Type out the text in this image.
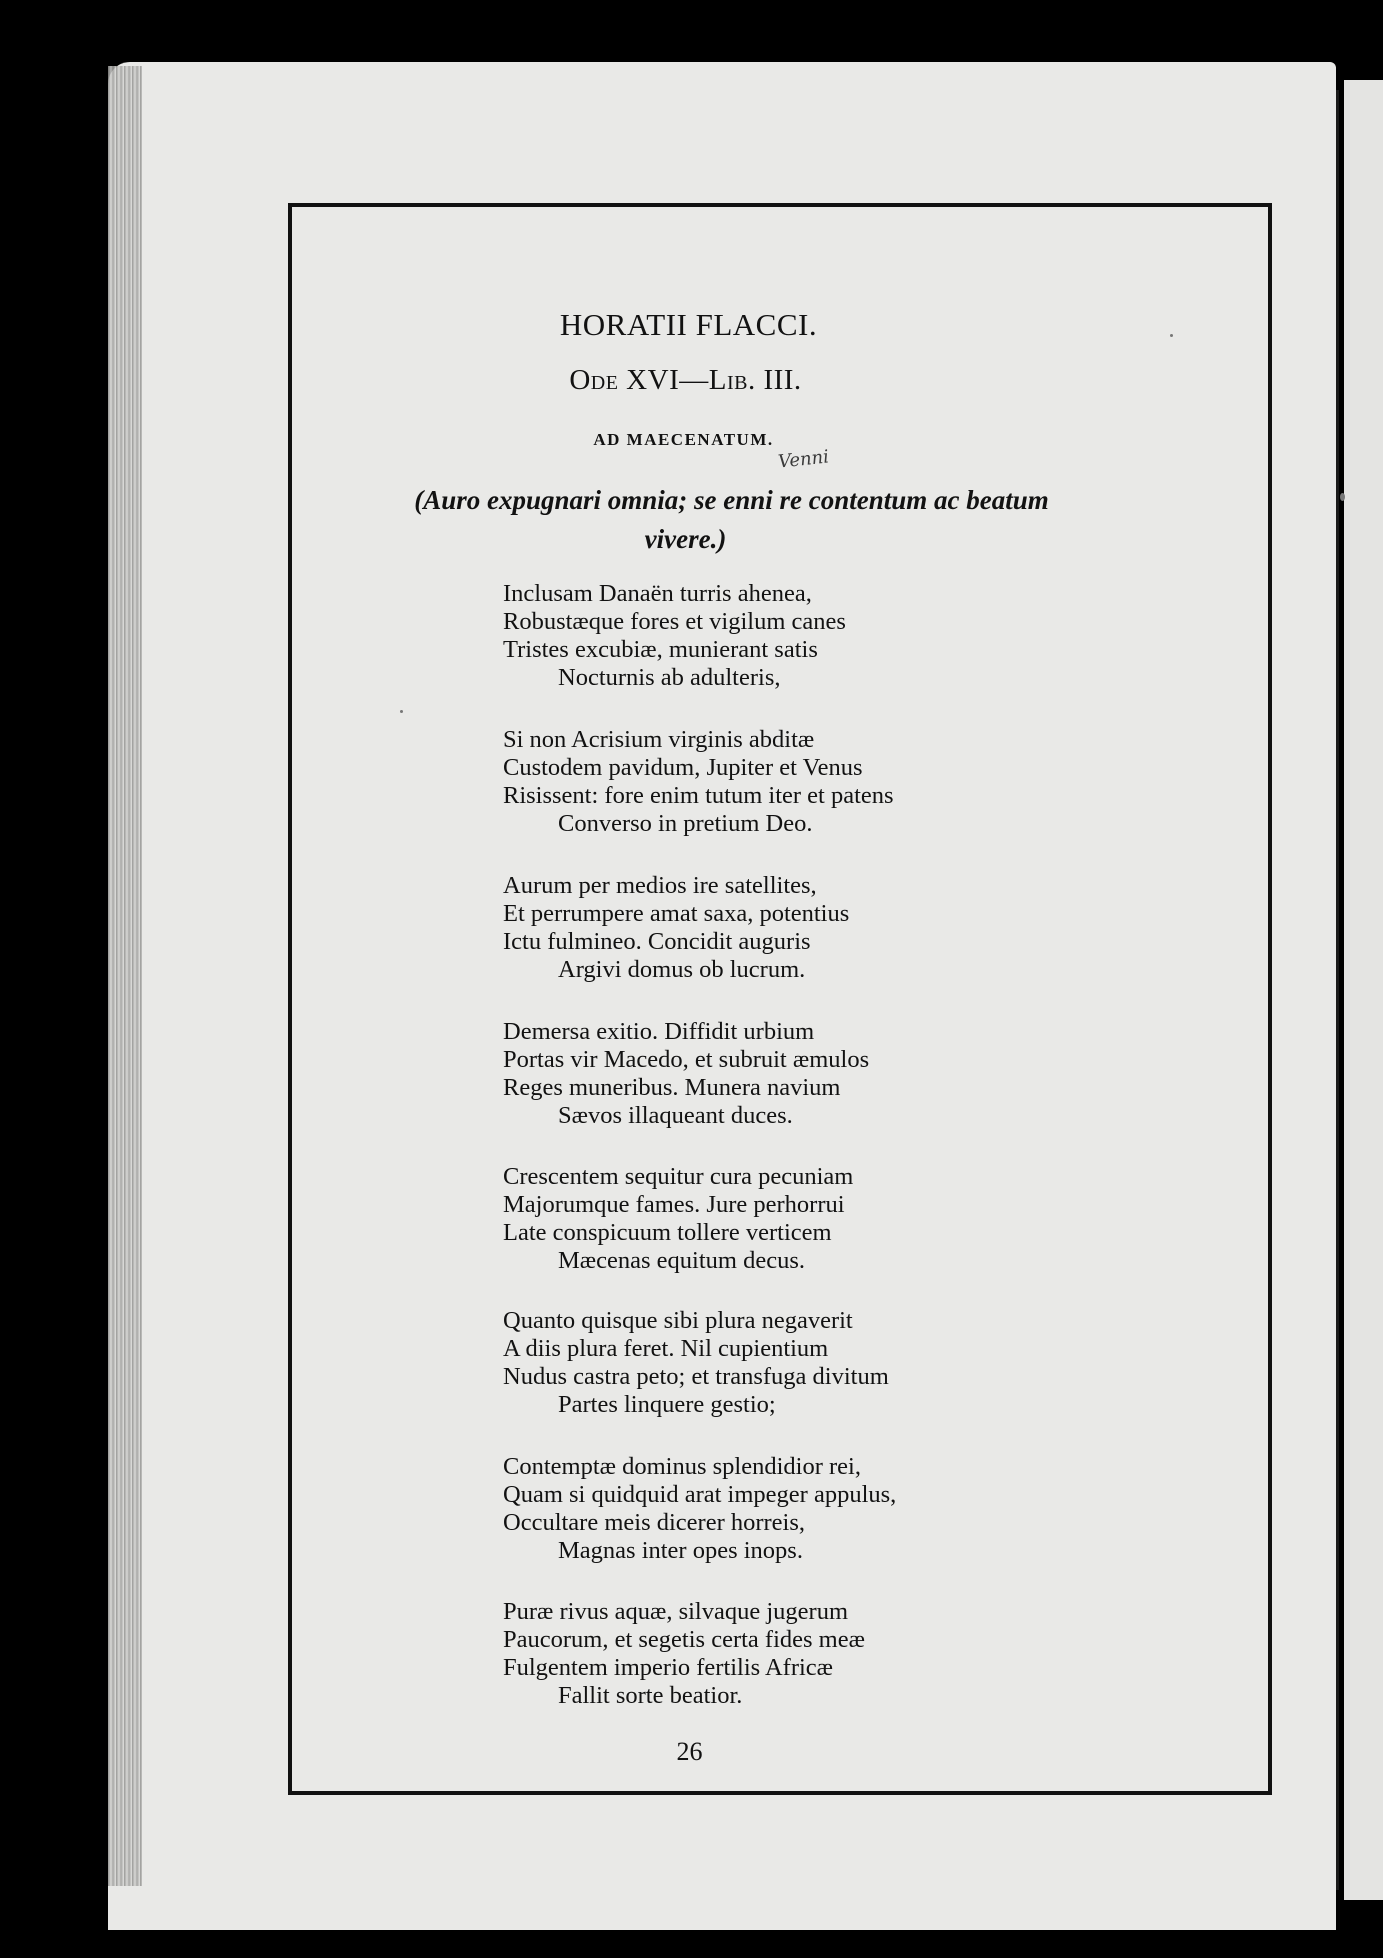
HORATII FLACCI.

Ode XVI—Lib. III.

AD MAECENATUM.

Venni

(Auro expugnari omnia; se enni re contentum ac beatum

vivere.)

Inclusam Danaën turris ahenea,

Robustæque fores et vigilum canes

Tristes excubiæ, munierant satis

Nocturnis ab adulteris,

Si non Acrisium virginis abditæ

Custodem pavidum, Jupiter et Venus

Risissent: fore enim tutum iter et patens

Converso in pretium Deo.

Aurum per medios ire satellites,

Et perrumpere amat saxa, potentius

Ictu fulmineo. Concidit auguris

Argivi domus ob lucrum.

Demersa exitio. Diffidit urbium

Portas vir Macedo, et subruit æmulos

Reges muneribus. Munera navium

Sævos illaqueant duces.

Crescentem sequitur cura pecuniam

Majorumque fames. Jure perhorrui

Late conspicuum tollere verticem

Mæcenas equitum decus.

Quanto quisque sibi plura negaverit

A diis plura feret. Nil cupientium

Nudus castra peto; et transfuga divitum

Partes linquere gestio;

Contemptæ dominus splendidior rei,

Quam si quidquid arat impeger appulus,

Occultare meis dicerer horreis,

Magnas inter opes inops.

Puræ rivus aquæ, silvaque jugerum

Paucorum, et segetis certa fides meæ

Fulgentem imperio fertilis Africæ

Fallit sorte beatior.

26
